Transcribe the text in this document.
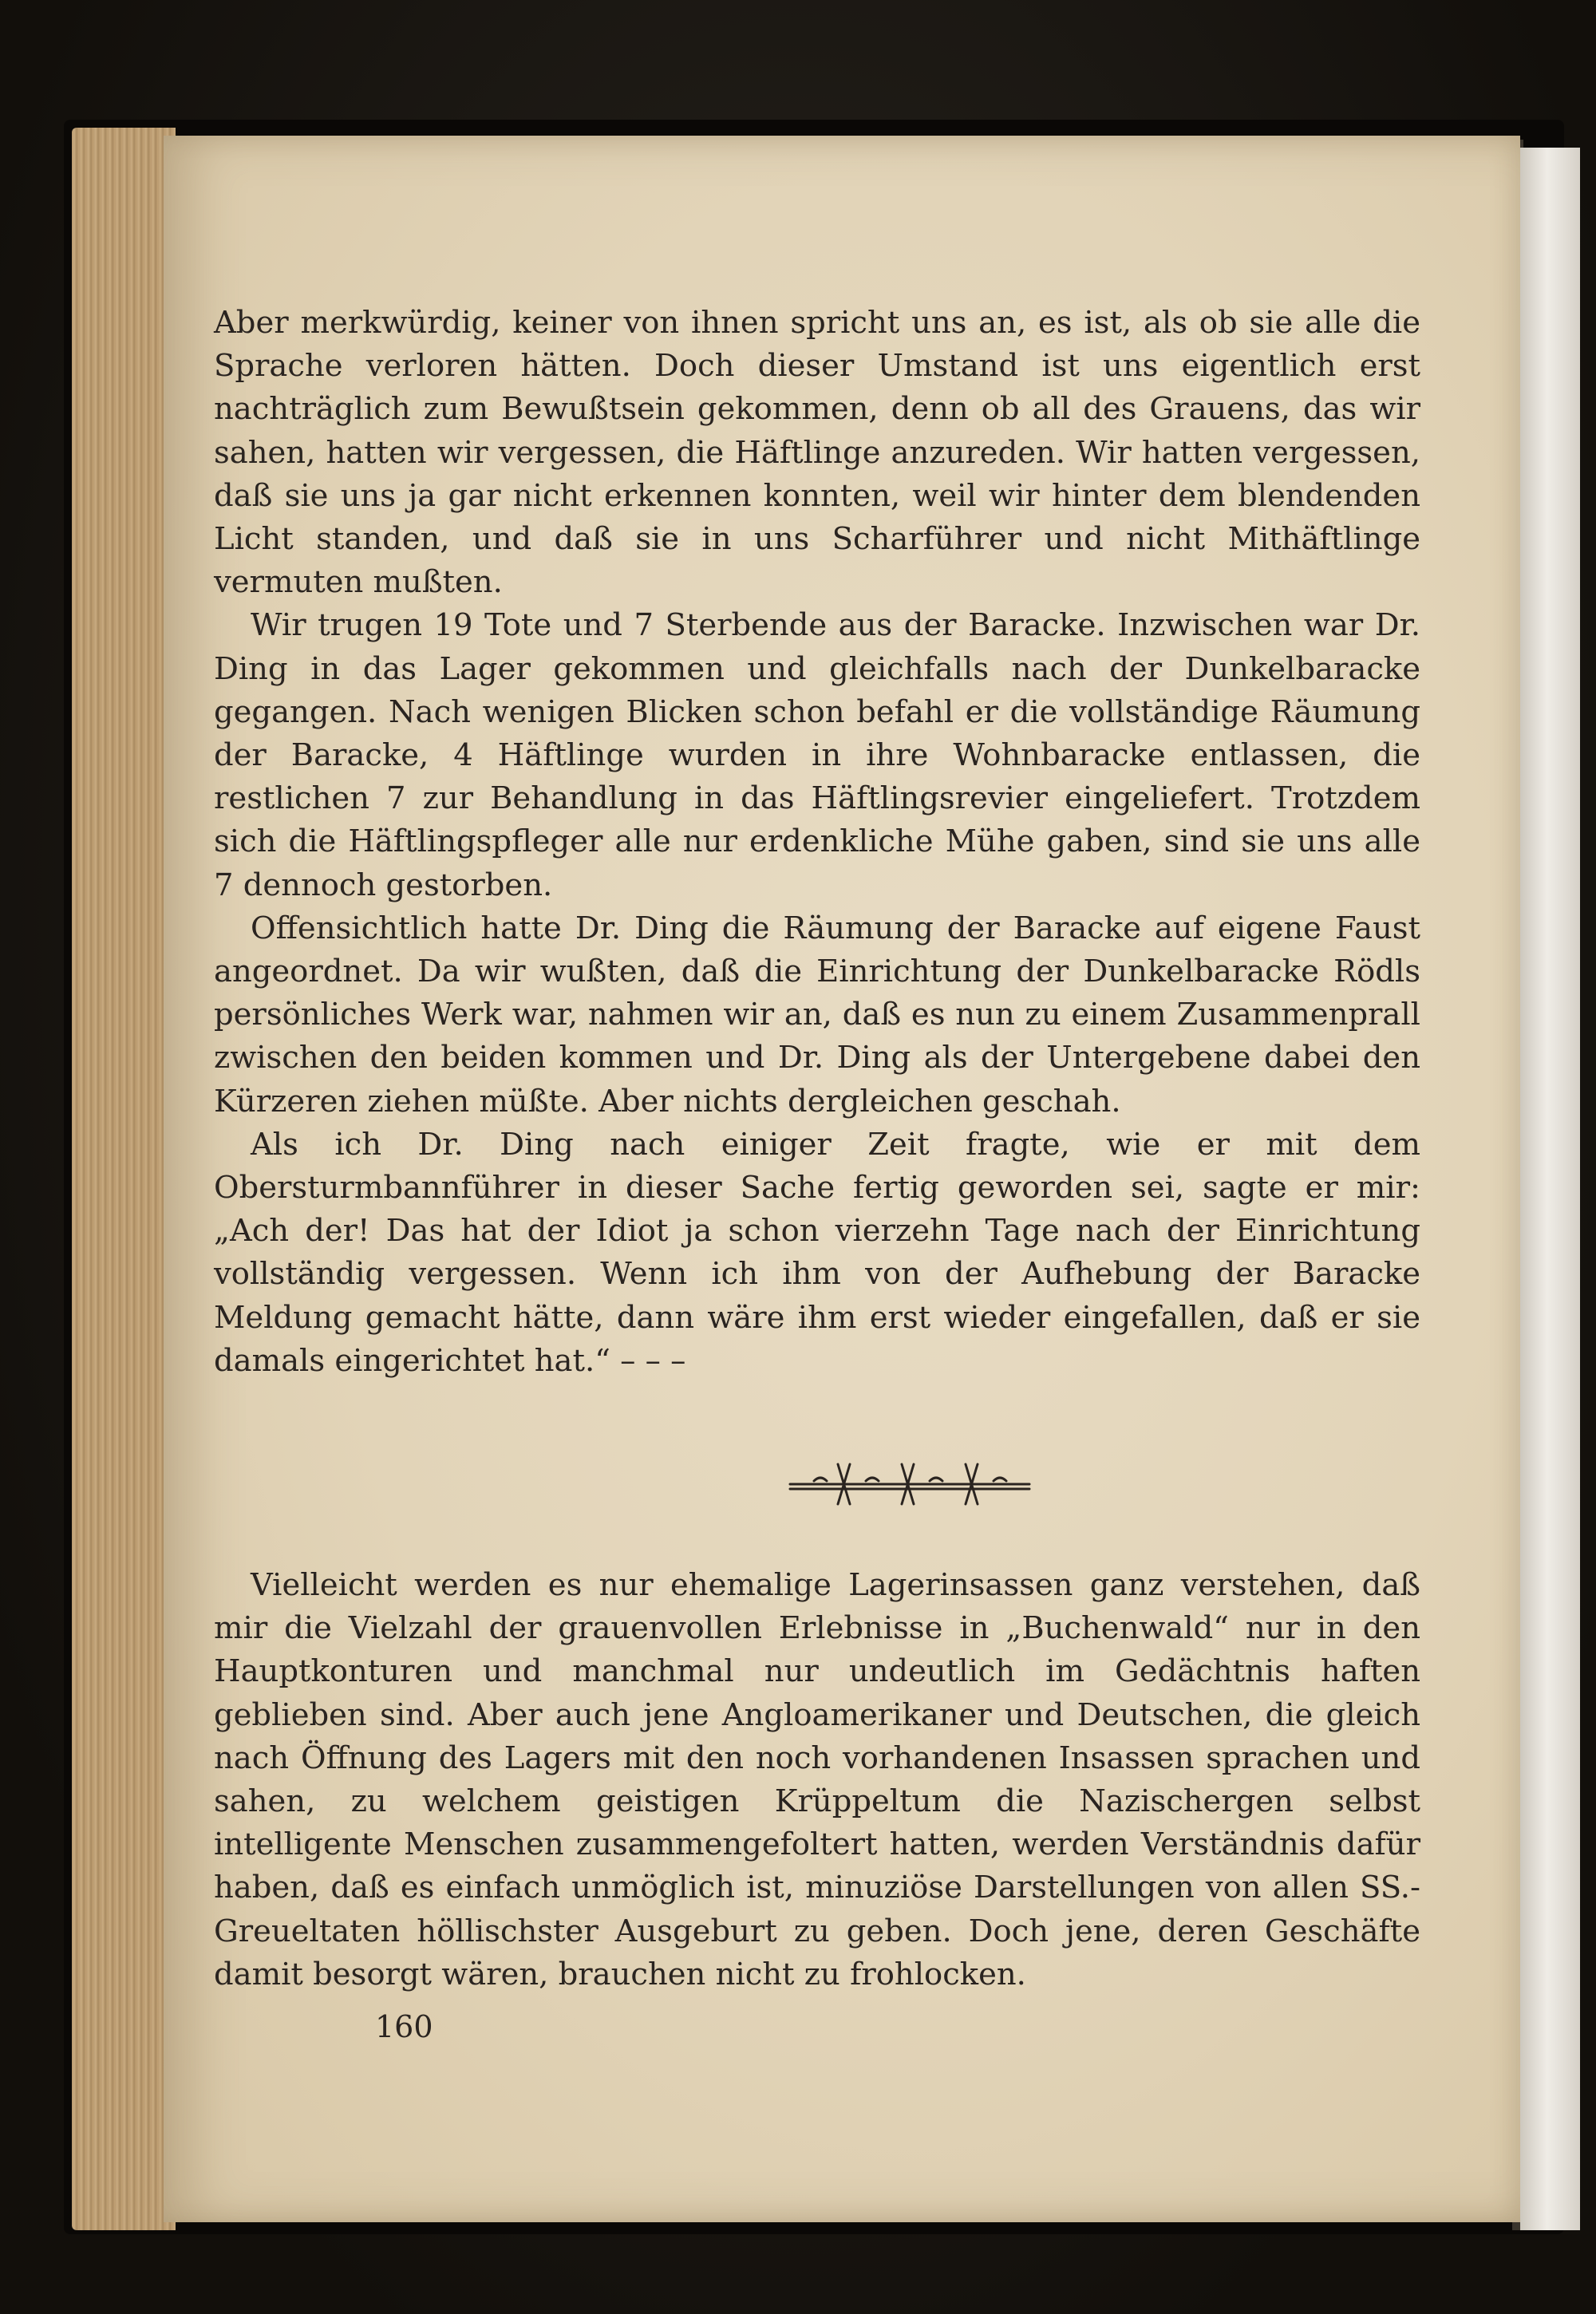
Aber merkwürdig, keiner von ihnen spricht uns an, es ist, als ob sie alle die Sprache verloren hätten. Doch dieser Umstand ist uns eigentlich erst nachträglich zum Bewußtsein gekommen, denn ob all des Grauens, das wir sahen, hatten wir vergessen, die Häftlinge anzureden. Wir hatten vergessen, daß sie uns ja gar nicht erkennen konnten, weil wir hinter dem blendenden Licht standen, und daß sie in uns Scharführer und nicht Mithäftlinge vermuten mußten.

Wir trugen 19 Tote und 7 Sterbende aus der Baracke. Inzwischen war Dr. Ding in das Lager gekommen und gleichfalls nach der Dunkelbaracke gegangen. Nach wenigen Blicken schon befahl er die vollständige Räumung der Baracke, 4 Häftlinge wurden in ihre Wohnbaracke entlassen, die restlichen 7 zur Behandlung in das Häftlingsrevier eingeliefert. Trotzdem sich die Häftlingspfleger alle nur erdenkliche Mühe gaben, sind sie uns alle 7 dennoch gestorben.

Offensichtlich hatte Dr. Ding die Räumung der Baracke auf eigene Faust angeordnet. Da wir wußten, daß die Einrichtung der Dunkelbaracke Rödls persönliches Werk war, nahmen wir an, daß es nun zu einem Zusammenprall zwischen den beiden kommen und Dr. Ding als der Untergebene dabei den Kürzeren ziehen müßte. Aber nichts dergleichen geschah.

Als ich Dr. Ding nach einiger Zeit fragte, wie er mit dem Obersturmbannführer in dieser Sache fertig geworden sei, sagte er mir: „Ach der! Das hat der Idiot ja schon vierzehn Tage nach der Einrichtung vollständig vergessen. Wenn ich ihm von der Aufhebung der Baracke Meldung gemacht hätte, dann wäre ihm erst wieder eingefallen, daß er sie damals eingerichtet hat.“ – – –

Vielleicht werden es nur ehemalige Lagerinsassen ganz verstehen, daß mir die Vielzahl der grauenvollen Erlebnisse in „Buchenwald“ nur in den Hauptkonturen und manchmal nur undeutlich im Gedächtnis haften geblieben sind. Aber auch jene Angloamerikaner und Deutschen, die gleich nach Öffnung des Lagers mit den noch vorhandenen Insassen sprachen und sahen, zu welchem geistigen Krüppeltum die Nazischergen selbst intelligente Menschen zusammengefoltert hatten, werden Verständnis dafür haben, daß es einfach unmöglich ist, minuziöse Darstellungen von allen SS.-Greueltaten höllischster Ausgeburt zu geben. Doch jene, deren Geschäfte damit besorgt wären, brauchen nicht zu frohlocken.

160
